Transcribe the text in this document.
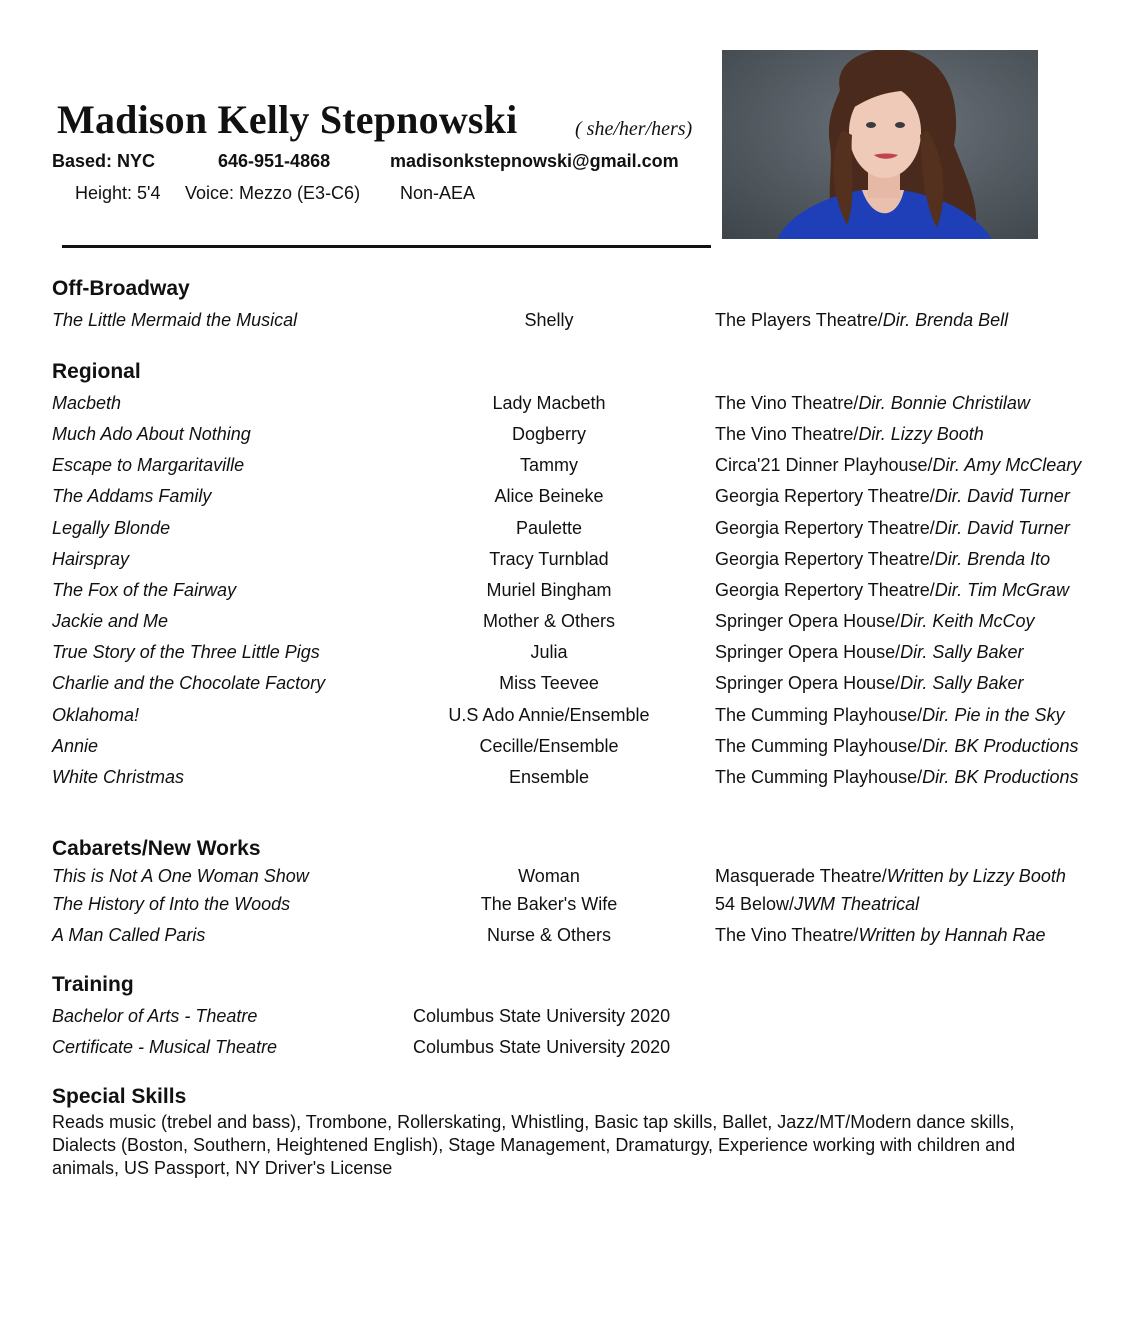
Madison Kelly Stepnowski	( she/her/hers)
Based: NYC	646-951-4868	madisonkstepnowski@gmail.com
Height: 5'4 Voice: Mezzo (E3-C6) Non-AEA
Off-Broadway
The Little Mermaid the Musical	Shelly	The Players Theatre/Dir. Brenda Bell
Regional
Macbeth	Lady Macbeth	The Vino Theatre/Dir. Bonnie Christilaw
Much Ado About Nothing	Dogberry	The Vino Theatre/Dir. Lizzy Booth
Escape to Margaritaville	Tammy	Circa'21 Dinner Playhouse/Dir. Amy McCleary
The Addams Family	Alice Beineke	Georgia Repertory Theatre/Dir. David Turner
Legally Blonde	Paulette	Georgia Repertory Theatre/Dir. David Turner
Hairspray	Tracy Turnblad	Georgia Repertory Theatre/Dir. Brenda Ito
The Fox of the Fairway	Muriel Bingham	Georgia Repertory Theatre/Dir. Tim McGraw
Jackie and Me	Mother & Others	Springer Opera House/Dir. Keith McCoy
True Story of the Three Little Pigs	Julia	Springer Opera House/Dir. Sally Baker
Charlie and the Chocolate Factory	Miss Teevee	Springer Opera House/Dir. Sally Baker
Oklahoma!	U.S Ado Annie/Ensemble	The Cumming Playhouse/Dir. Pie in the Sky
Annie	Cecille/Ensemble	The Cumming Playhouse/Dir. BK Productions
White Christmas	Ensemble	The Cumming Playhouse/Dir. BK Productions
Cabarets/New Works
This is Not A One Woman Show	Woman	Masquerade Theatre/Written by Lizzy Booth
The History of Into the Woods	The Baker's Wife	54 Below/JWM Theatrical
A Man Called Paris	Nurse & Others	The Vino Theatre/Written by Hannah Rae
Training
Bachelor of Arts - Theatre	Columbus State University 2020
Certificate - Musical Theatre	Columbus State University 2020
Special Skills
Reads music (trebel and bass), Trombone, Rollerskating, Whistling, Basic tap skills, Ballet, Jazz/MT/Modern dance skills, Dialects (Boston, Southern, Heightened English), Stage Management, Dramaturgy, Experience working with children and animals, US Passport, NY Driver's License
